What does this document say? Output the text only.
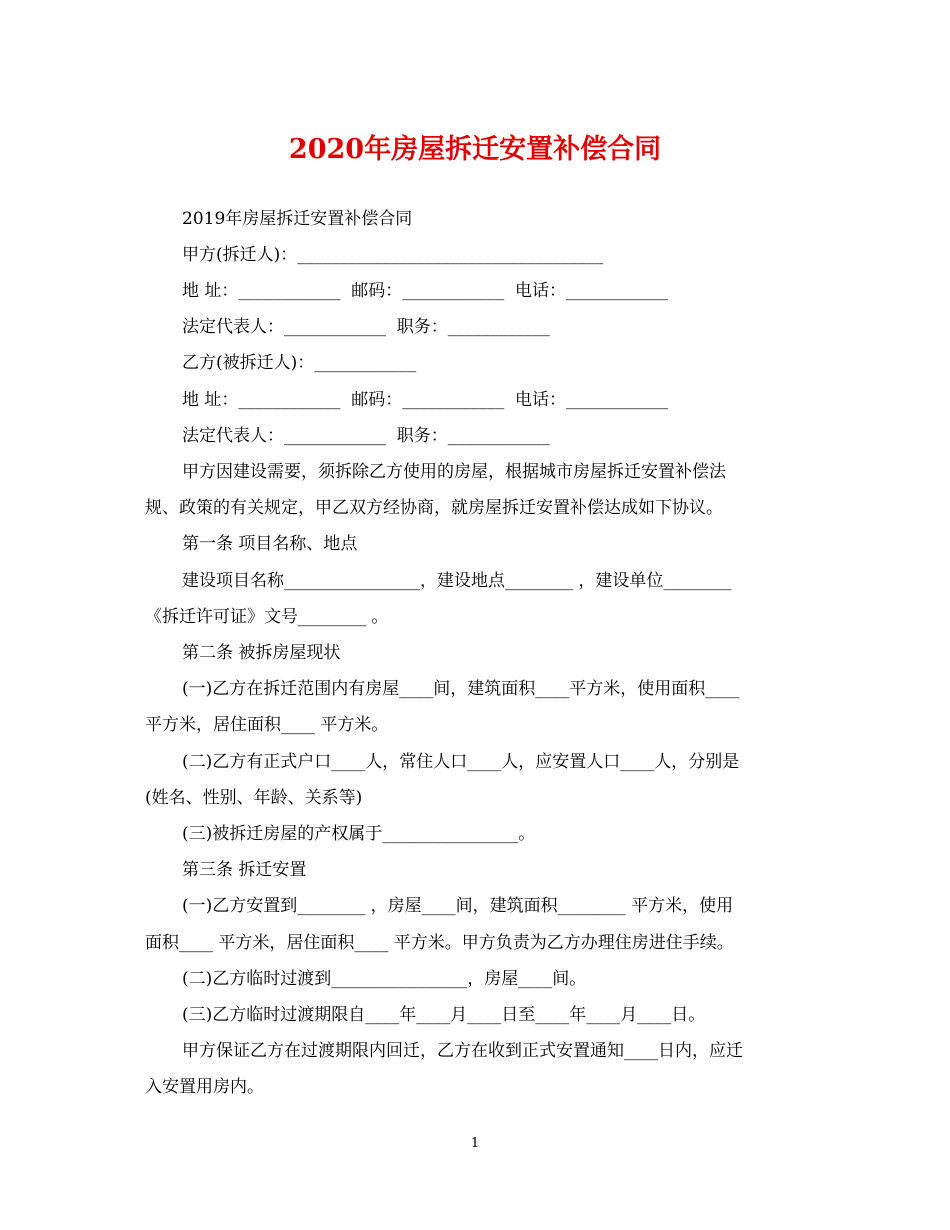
2020年房屋拆迁安置补偿合同
2019年房屋拆迁安置补偿合同
甲方(拆迁人)：____________________________________
地 址：____________  邮码：____________  电话：____________
法定代表人：____________  职务：____________
乙方(被拆迁人)：____________
地 址：____________  邮码：____________  电话：____________
法定代表人：____________  职务：____________
甲方因建设需要，须拆除乙方使用的房屋，根据城市房屋拆迁安置补偿法
规、政策的有关规定，甲乙双方经协商，就房屋拆迁安置补偿达成如下协议。
第一条 项目名称、地点
建设项目名称________________，建设地点________ ，建设单位________
《拆迁许可证》文号________ 。
第二条 被拆房屋现状
(一)乙方在拆迁范围内有房屋____间，建筑面积____平方米，使用面积____
平方米，居住面积____ 平方米。
(二)乙方有正式户口____人，常住人口____人，应安置人口____人，分别是
(姓名、性别、年龄、关系等)
(三)被拆迁房屋的产权属于________________。
第三条 拆迁安置
(一)乙方安置到________ ，房屋____间，建筑面积________ 平方米，使用
面积____ 平方米，居住面积____ 平方米。甲方负责为乙方办理住房进住手续。
(二)乙方临时过渡到________________，房屋____间。
(三)乙方临时过渡期限自____年____月____日至____年____月____日。
甲方保证乙方在过渡期限内回迁，乙方在收到正式安置通知____日内，应迁
入安置用房内。
1
